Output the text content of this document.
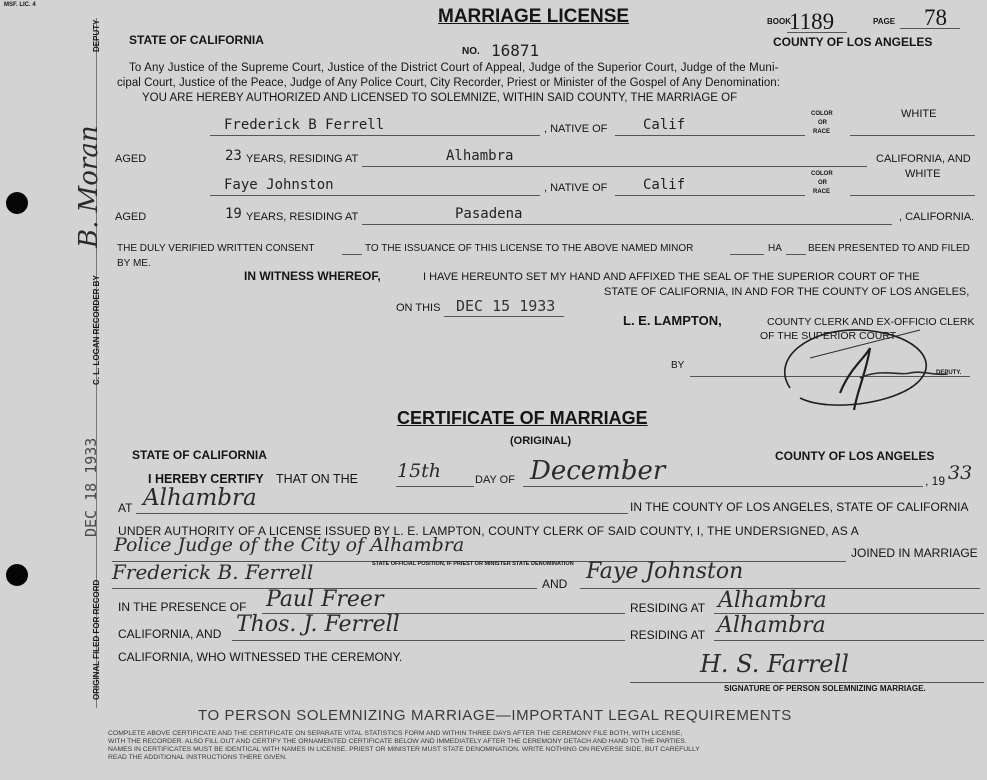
DEPUTY
C. L. LOGAN RECORDER BY
B. Moran
DEC 18 1933
ORIGINAL FILED FOR RECORD
MSF. LIC. 4
MARRIAGE LICENSE
STATE OF CALIFORNIA	COUNTY OF LOS ANGELES
BOOK
1189	PAGE 78
NO. 16871
To Any Justice of the Supreme Court, Justice of the District Court of Appeal, Judge of the Superior Court, Judge of the Muni-
cipal Court, Justice of the Peace, Judge of Any Police Court, City Recorder, Priest or Minister of the Gospel of Any Denomination:
YOU ARE HEREBY AUTHORIZED AND LICENSED TO SOLEMNIZE, WITHIN SAID COUNTY, THE MARRIAGE OF
Frederick B Ferrell	, NATIVE OF	Calif
COLOR
OR
RACE
WHITE
AGED	23 YEARS, RESIDING AT	Alhambra	CALIFORNIA, AND
Faye Johnston	, NATIVE OF	Calif
COLOR
OR
RACE
WHITE
AGED	19 YEARS, RESIDING AT	Pasadena	, CALIFORNIA.
THE DULY VERIFIED WRITTEN CONSENT	TO THE ISSUANCE OF THIS LICENSE TO THE ABOVE NAMED MINOR	HA	BEEN PRESENTED TO AND FILED
BY ME.
IN WITNESS WHEREOF,	I HAVE HEREUNTO SET MY HAND AND AFFIXED THE SEAL OF THE SUPERIOR COURT OF THE
STATE OF CALIFORNIA, IN AND FOR THE COUNTY OF LOS ANGELES,
ON THIS DEC 15 1933
L. E. LAMPTON,	COUNTY CLERK AND EX-OFFICIO CLERK
OF THE SUPERIOR COURT
BY
DEPUTY.
CERTIFICATE OF MARRIAGE
(ORIGINAL)
STATE OF CALIFORNIA	COUNTY OF LOS ANGELES
I HEREBY CERTIFY THAT ON THE 15th	DAY OF December	, 19 33
AT Alhambra	IN THE COUNTY OF LOS ANGELES, STATE OF CALIFORNIA
UNDER AUTHORITY OF A LICENSE ISSUED BY L. E. LAMPTON, COUNTY CLERK OF SAID COUNTY, I, THE UNDERSIGNED, AS A
Police Judge of the City of Alhambra	JOINED IN MARRIAGE
STATE OFFICIAL POSITION, IF PRIEST OR MINISTER STATE DENOMINATION
Frederick B. Ferrell	AND Faye Johnston
IN THE PRESENCE OF Paul Freer	RESIDING AT Alhambra
CALIFORNIA, AND Thos. J. Ferrell	RESIDING AT Alhambra
CALIFORNIA, WHO WITNESSED THE CEREMONY.	H. S. Farrell
SIGNATURE OF PERSON SOLEMNIZING MARRIAGE.
TO PERSON SOLEMNIZING MARRIAGE—IMPORTANT LEGAL REQUIREMENTS
COMPLETE ABOVE CERTIFICATE AND THE CERTIFICATE ON SEPARATE VITAL STATISTICS FORM AND WITHIN THREE DAYS AFTER THE CEREMONY FILE BOTH, WITH LICENSE,
WITH THE RECORDER. ALSO FILL OUT AND CERTIFY THE ORNAMENTED CERTIFICATE BELOW AND IMMEDIATELY AFTER THE CEREMONY DETACH AND HAND TO THE PARTIES.
NAMES IN CERTIFICATES MUST BE IDENTICAL WITH NAMES IN LICENSE. PRIEST OR MINISTER MUST STATE DENOMINATION. WRITE NOTHING ON REVERSE SIDE, BUT CAREFULLY
READ THE ADDITIONAL INSTRUCTIONS THERE GIVEN.
